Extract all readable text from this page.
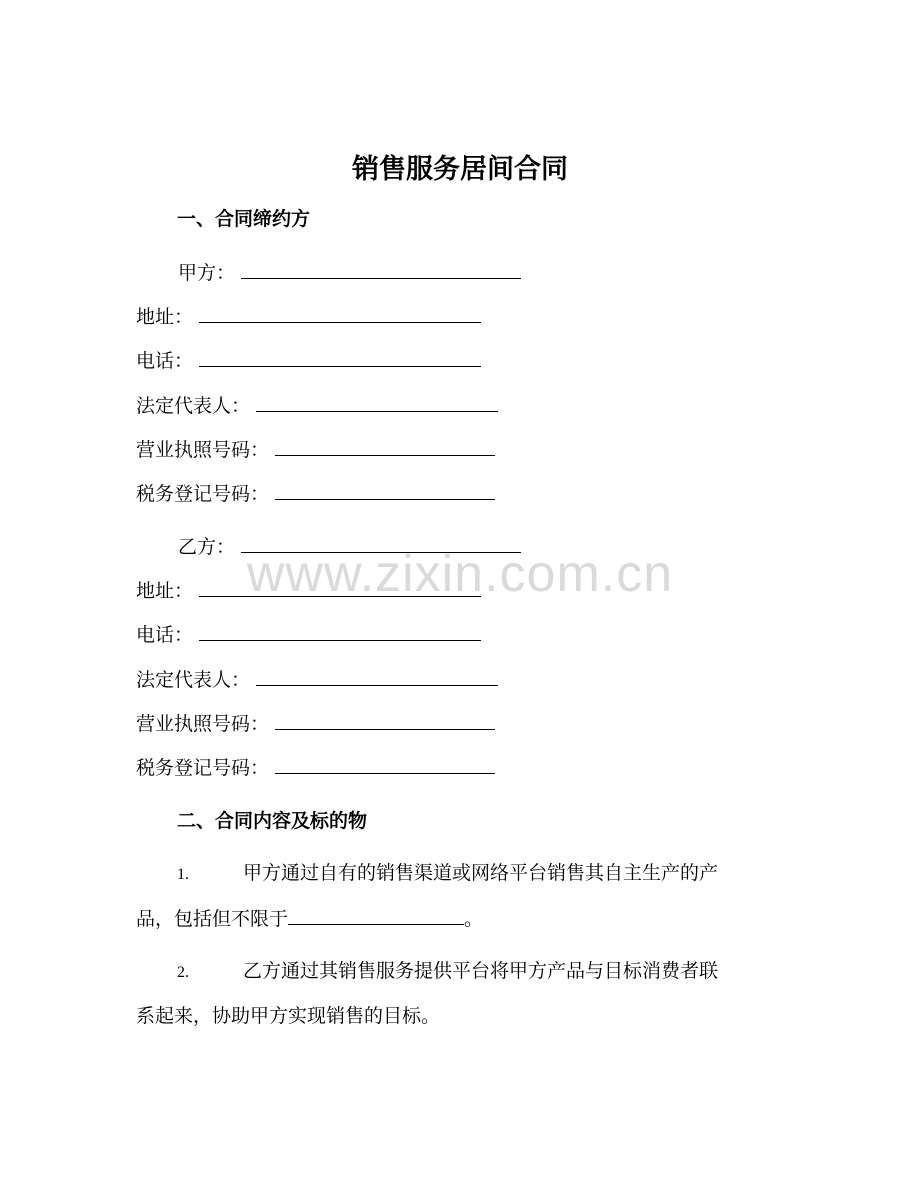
销售服务居间合同
一、合同缔约方
甲方：
地址：
电话：
法定代表人：
营业执照号码：
税务登记号码：
乙方：
地址：
电话：
法定代表人：
营业执照号码：
税务登记号码：
二、合同内容及标的物
1.	甲方通过自有的销售渠道或网络平台销售其自主生产的产
品，包括但不限于	。
2.	乙方通过其销售服务提供平台将甲方产品与目标消费者联
系起来，协助甲方实现销售的目标。
www.zixin.com.cn
